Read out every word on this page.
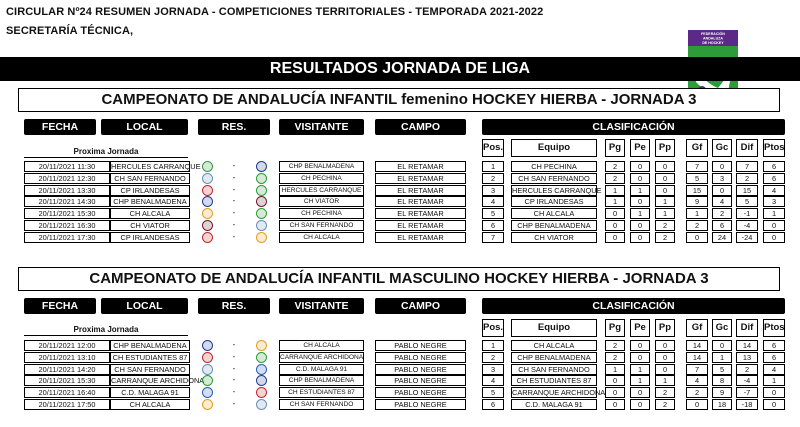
CIRCULAR Nº24 RESUMEN JORNADA - COMPETICIONES TERRITORIALES - TEMPORADA 2021-2022
SECRETARÍA TÉCNICA,	FEDERACIÓN
ANDALUZA
DE HOCKEY
RESULTADOS JORNADA DE LIGA
CAMPEONATO DE ANDALUCÍA INFANTIL femenino HOCKEY HIERBA - JORNADA 3
FECHA	LOCAL	RES.	VISITANTE	CAMPO	CLASIFICACIÓN
Proxima Jornada
20/11/2021 11:30	HERCULES CARRANQUE	-	CHP BENALMADENA	EL RETAMAR
20/11/2021 12:30	CH SAN FERNANDO	-	CH PECHINA	EL RETAMAR
20/11/2021 13:30	CP IRLANDESAS	-	HERCULES CARRANQUE	EL RETAMAR
20/11/2021 14:30	CHP BENALMADENA	-	CH VIATOR	EL RETAMAR
20/11/2021 15:30	CH ALCALA	-	CH PECHINA	EL RETAMAR
20/11/2021 16:30	CH VIATOR	-	CH SAN FERNANDO	EL RETAMAR
20/11/2021 17:30	CP IRLANDESAS	-	CH ALCALA	EL RETAMAR
Pos.	Equipo	Pg	Pe	Pp	Gf	Gc	Dif	Ptos
1	CH PECHINA	2	0	0	7	0	7	6
2	CH SAN FERNANDO	2	0	0	5	3	2	6
3	HERCULES CARRANQUE	1	1	0	15	0	15	4
4	CP IRLANDESAS	1	0	1	9	4	5	3
5	CH ALCALA	0	1	1	1	2	-1	1
6	CHP BENALMADENA	0	0	2	2	6	-4	0
7	CH VIATOR	0	0	2	0	24	-24	0
CAMPEONATO DE ANDALUCÍA INFANTIL MASCULINO HOCKEY HIERBA - JORNADA 3
FECHA	LOCAL	RES.	VISITANTE	CAMPO	CLASIFICACIÓN
Proxima Jornada
20/11/2021 12:00	CHP BENALMADENA	-	CH ALCALA	PABLO NEGRE
20/11/2021 13:10	CH ESTUDIANTES 87	-	CARRANQUE ARCHIDONA	PABLO NEGRE
20/11/2021 14:20	CH SAN FERNANDO	-	C.D. MALAGA 91	PABLO NEGRE
20/11/2021 15:30	CARRANQUE ARCHIDONA	-	CHP BENALMADENA	PABLO NEGRE
20/11/2021 16:40	C.D. MALAGA 91	-	CH ESTUDIANTES 87	PABLO NEGRE
20/11/2021 17:50	CH ALCALA	-	CH SAN FERNANDO	PABLO NEGRE
Pos.	Equipo	Pg	Pe	Pp	Gf	Gc	Dif	Ptos
1	CH ALCALA	2	0	0	14	0	14	6
2	CHP BENALMADENA	2	0	0	14	1	13	6
3	CH SAN FERNANDO	1	1	0	7	5	2	4
4	CH ESTUDIANTES 87	0	1	1	4	8	-4	1
5	CARRANQUE ARCHIDONA	0	0	2	2	9	-7	0
6	C.D. MALAGA 91	0	0	2	0	18	-18	0
